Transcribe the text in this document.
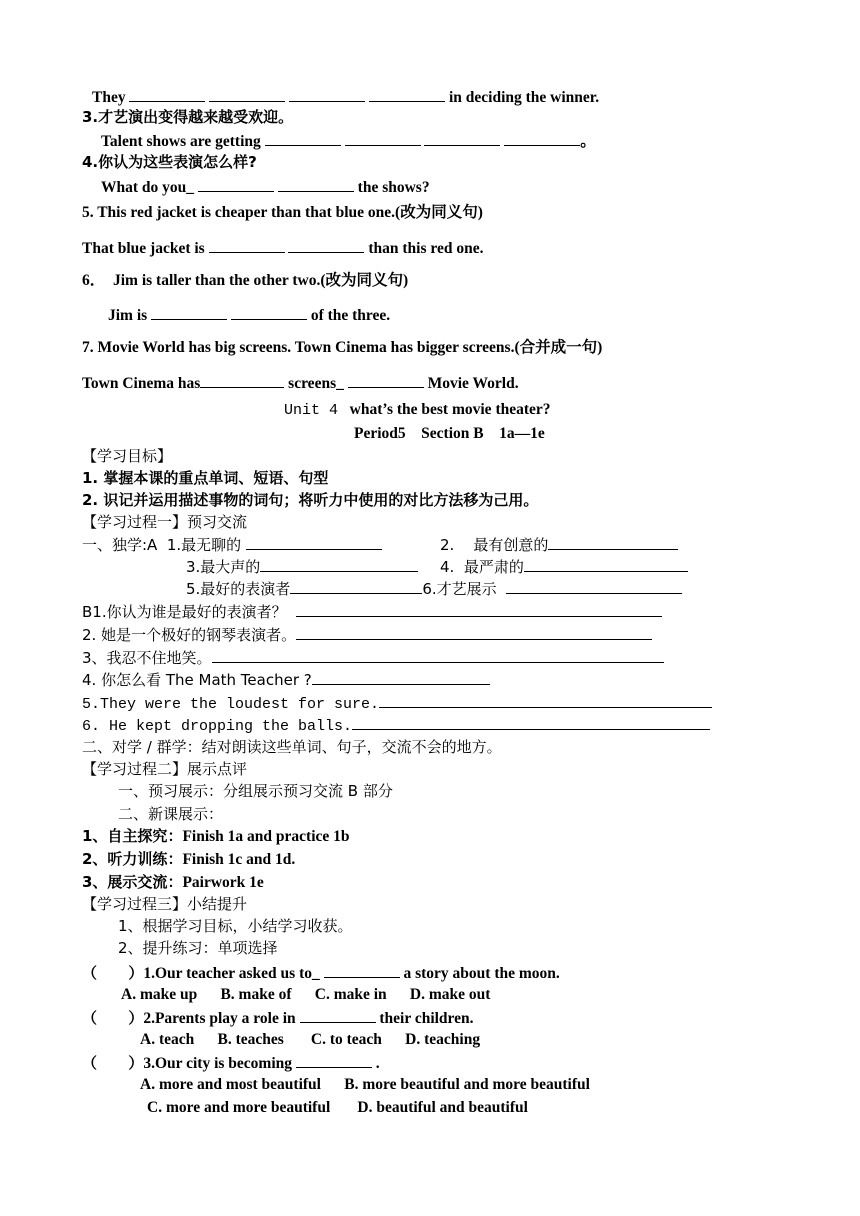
They	in deciding the winner.
3.才艺演出变得越来越受欢迎。
Talent shows are getting	。
4.你认为这些表演怎么样?
What do you_	the shows?
5. This red jacket is cheaper than that blue one.(改为同义句)
That blue jacket is	than this red one.
6．  Jim is taller than the other two.(改为同义句)
Jim is	of the three.
7. Movie World has big screens. Town Cinema has bigger screens.(合并成一句)
Town Cinema has	screens_	Movie World.
Unit 4 what’s the best movie theater?
Period5    Section B    1a—1e
【学习目标】
1. 掌握本课的重点单词、短语、句型
2. 识记并运用描述事物的词句；将听力中使用的对比方法移为己用。
【学习过程一】预习交流
一、独学:A 1.最无聊的	2.    最有创意的
3.最大声的	4.  最严肃的
5.最好的表演者	6.才艺展示
B1.你认为谁是最好的表演者？
2. 她是一个极好的钢琴表演者。
3、我忍不住地笑。
4. 你怎么看 The Math Teacher ?
5.They were the loudest for sure.
6. He kept dropping the balls.
二、对学 / 群学：结对朗读这些单词、句子，交流不会的地方。
【学习过程二】展示点评
一、预习展示：分组展示预习交流 B 部分
二、新课展示：
1、自主探究：Finish 1a and practice 1b
2、听力训练：Finish 1c and 1d.
3、展示交流：Pairwork 1e
【学习过程三】小结提升
1、根据学习目标，小结学习收获。
2、提升练习：单项选择
（      ）1.Our teacher asked us to_	a story about the moon.
A. make up      B. make of      C. make in      D. make out
（      ）2.Parents play a role in	their children.
A. teach      B. teaches       C. to teach      D. teaching
（      ）3.Our city is becoming	.
A. more and most beautiful      B. more beautiful and more beautiful
C. more and more beautiful       D. beautiful and beautiful
